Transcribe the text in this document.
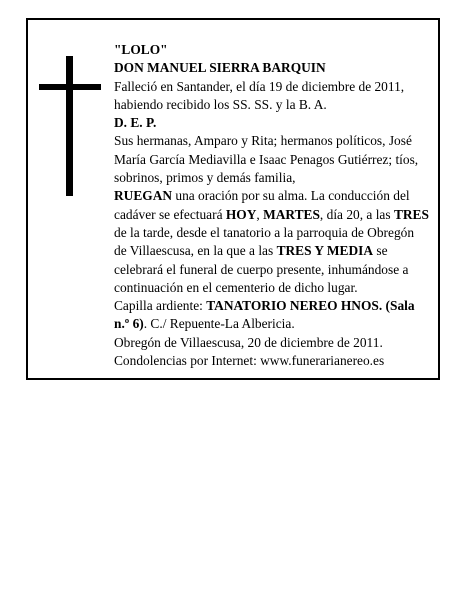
"LOLO"

DON MANUEL SIERRA BARQUIN

Falleció en Santander, el día 19 de diciembre de 2011, habiendo recibido los SS. SS. y la B. A.

D. E. P.

Sus hermanas, Amparo y Rita; hermanos políticos, José María García Mediavilla e Isaac Penagos Gutiérrez; tíos, sobrinos, primos y demás familia,

RUEGAN una oración por su alma. La conducción del cadáver se efectuará HOY, MARTES, día 20, a las TRES de la tarde, desde el tanatorio a la parroquia de Obregón de Villaescusa, en la que a las TRES Y MEDIA se celebrará el funeral de cuerpo presente, inhumándose a continuación en el cementerio de dicho lugar.

Capilla ardiente: TANATORIO NEREO HNOS. (Sala n.º 6). C./ Repuente-La Albericia.

Obregón de Villaescusa, 20 de diciembre de 2011.

Condolencias por Internet: www.funerarianereo.es
